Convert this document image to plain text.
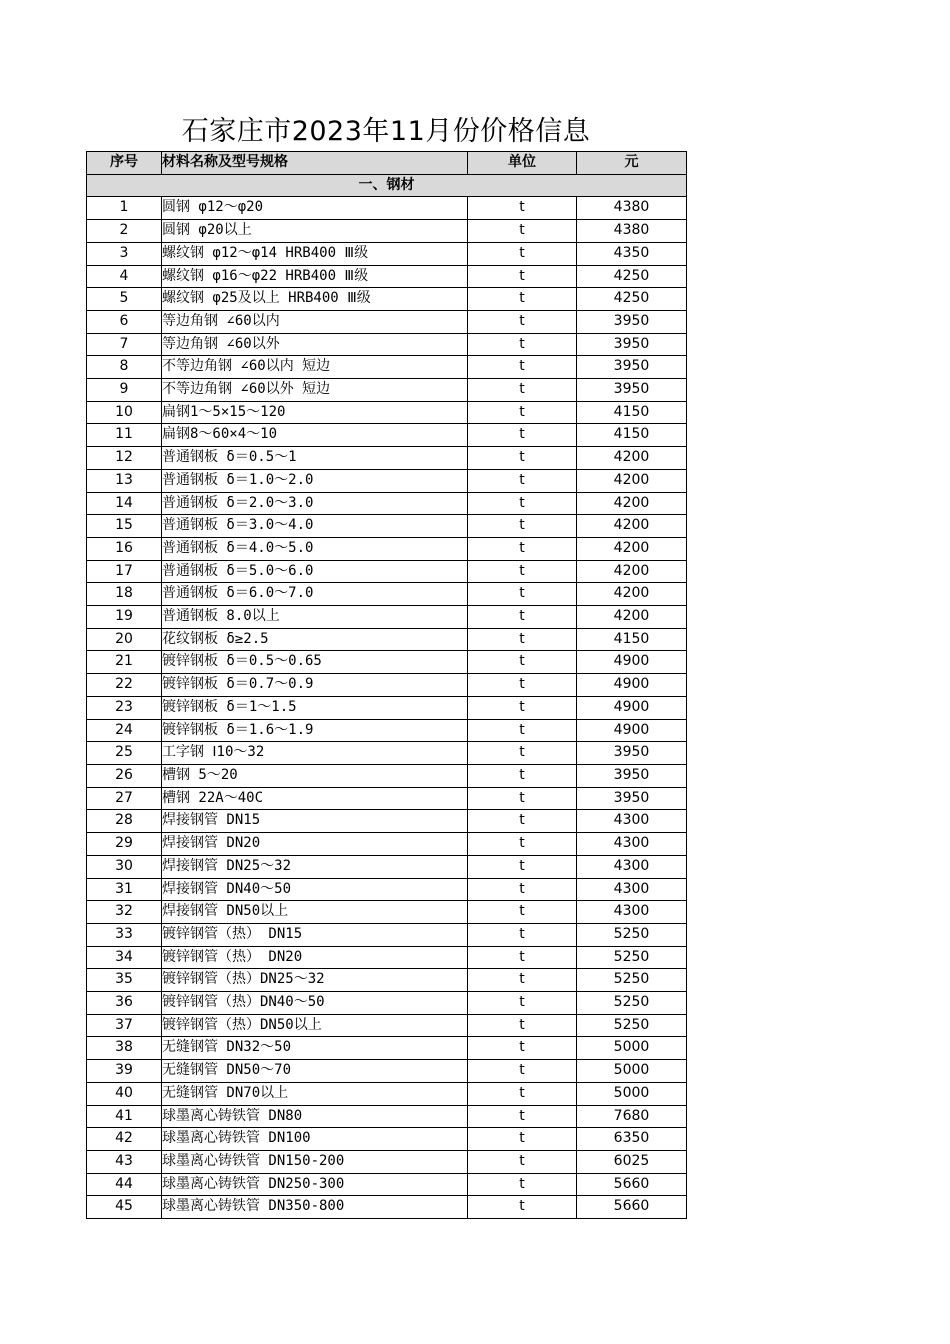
石家庄市2023年11月份价格信息
序号	材料名称及型号规格	单位	元
一、钢材			
1	圆钢 φ12～φ20	t	4380
2	圆钢 φ20以上	t	4380
3	螺纹钢 φ12～φ14 HRB400 Ⅲ级	t	4350
4	螺纹钢 φ16～φ22 HRB400 Ⅲ级	t	4250
5	螺纹钢 φ25及以上 HRB400 Ⅲ级	t	4250
6	等边角钢 ∠60以内	t	3950
7	等边角钢 ∠60以外	t	3950
8	不等边角钢 ∠60以内 短边	t	3950
9	不等边角钢 ∠60以外 短边	t	3950
10	扁钢1～5×15～120	t	4150
11	扁钢8～60×4～10	t	4150
12	普通钢板 δ＝0.5～1	t	4200
13	普通钢板 δ＝1.0～2.0	t	4200
14	普通钢板 δ＝2.0～3.0	t	4200
15	普通钢板 δ＝3.0～4.0	t	4200
16	普通钢板 δ＝4.0～5.0	t	4200
17	普通钢板 δ＝5.0～6.0	t	4200
18	普通钢板 δ＝6.0～7.0	t	4200
19	普通钢板 8.0以上	t	4200
20	花纹钢板 δ≥2.5	t	4150
21	镀锌钢板 δ＝0.5～0.65	t	4900
22	镀锌钢板 δ＝0.7～0.9	t	4900
23	镀锌钢板 δ＝1～1.5	t	4900
24	镀锌钢板 δ＝1.6～1.9	t	4900
25	工字钢 Ⅰ10～32	t	3950
26	槽钢 5～20	t	3950
27	槽钢 22A～40C	t	3950
28	焊接钢管 DN15	t	4300
29	焊接钢管 DN20	t	4300
30	焊接钢管 DN25～32	t	4300
31	焊接钢管 DN40～50	t	4300
32	焊接钢管 DN50以上	t	4300
33	镀锌钢管（热） DN15	t	5250
34	镀锌钢管（热） DN20	t	5250
35	镀锌钢管（热）DN25～32	t	5250
36	镀锌钢管（热）DN40～50	t	5250
37	镀锌钢管（热）DN50以上	t	5250
38	无缝钢管 DN32～50	t	5000
39	无缝钢管 DN50～70	t	5000
40	无缝钢管 DN70以上	t	5000
41	球墨离心铸铁管 DN80	t	7680
42	球墨离心铸铁管 DN100	t	6350
43	球墨离心铸铁管 DN150-200	t	6025
44	球墨离心铸铁管 DN250-300	t	5660
45	球墨离心铸铁管 DN350-800	t	5660
